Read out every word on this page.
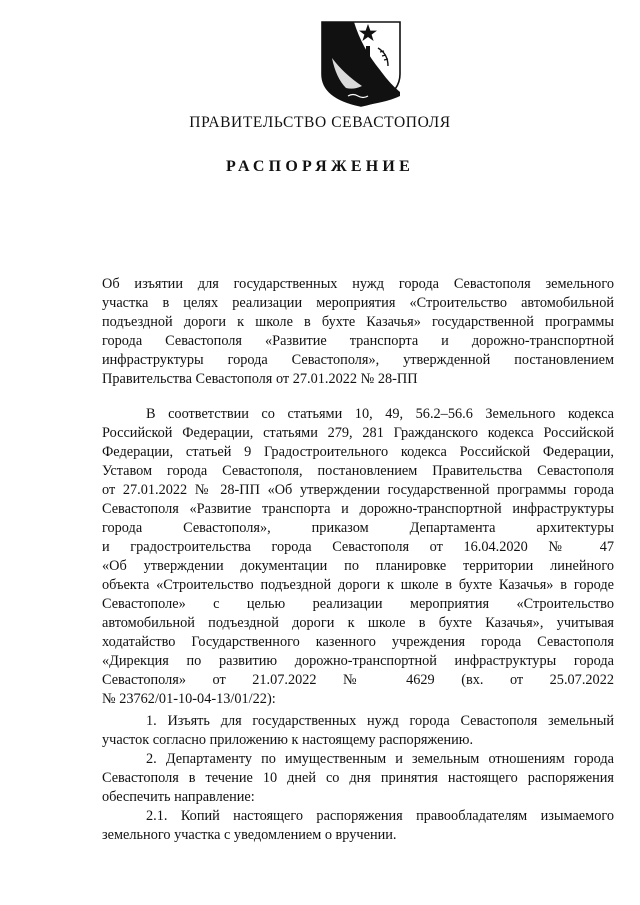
ПРАВИТЕЛЬСТВО СЕВАСТОПОЛЯ
РАСПОРЯЖЕНИЕ
Об изъятии для государственных нужд города Севастополя земельного
участка в целях реализации мероприятия «Строительство автомобильной
подъездной дороги к школе в бухте Казачья» государственной программы
города Севастополя «Развитие транспорта и дорожно-транспортной
инфраструктуры города Севастополя», утвержденной постановлением
Правительства Севастополя от 27.01.2022 № 28-ПП
В соответствии со статьями 10, 49, 56.2–56.6 Земельного кодекса
Российской Федерации, статьями 279, 281 Гражданского кодекса Российской
Федерации, статьей 9 Градостроительного кодекса Российской Федерации,
Уставом города Севастополя, постановлением Правительства Севастополя
от 27.01.2022 № 28-ПП «Об утверждении государственной программы города
Севастополя «Развитие транспорта и дорожно-транспортной инфраструктуры
города Севастополя», приказом Департамента архитектуры
и градостроительства города Севастополя от 16.04.2020 № 47
«Об утверждении документации по планировке территории линейного
объекта «Строительство подъездной дороги к школе в бухте Казачья» в городе
Севастополе» с целью реализации мероприятия «Строительство
автомобильной подъездной дороги к школе в бухте Казачья», учитывая
ходатайство Государственного казенного учреждения города Севастополя
«Дирекция по развитию дорожно-транспортной инфраструктуры города
Севастополя» от 21.07.2022 № 4629 (вх. от 25.07.2022
№ 23762/01-10-04-13/01/22):
1. Изъять для государственных нужд города Севастополя земельный
участок согласно приложению к настоящему распоряжению.
2. Департаменту по имущественным и земельным отношениям города
Севастополя в течение 10 дней со дня принятия настоящего распоряжения
обеспечить направление:
2.1. Копий настоящего распоряжения правообладателям изымаемого
земельного участка с уведомлением о вручении.
